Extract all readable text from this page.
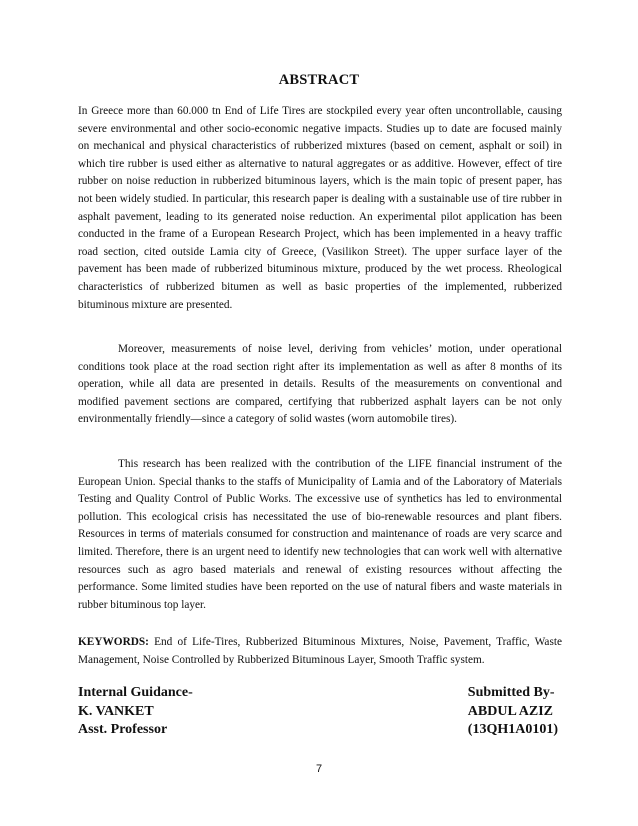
ABSTRACT

In Greece more than 60.000 tn End of Life Tires are stockpiled every year often uncontrollable, causing severe environmental and other socio-economic negative impacts. Studies up to date are focused mainly on mechanical and physical characteristics of rubberized mixtures (based on cement, asphalt or soil) in which tire rubber is used either as alternative to natural aggregates or as additive. However, effect of tire rubber on noise reduction in rubberized bituminous layers, which is the main topic of present paper, has not been widely studied. In particular, this research paper is dealing with a sustainable use of tire rubber in asphalt pavement, leading to its generated noise reduction. An experimental pilot application has been conducted in the frame of a European Research Project, which has been implemented in a heavy traffic road section, cited outside Lamia city of Greece, (Vasilikon Street). The upper surface layer of the pavement has been made of rubberized bituminous mixture, produced by the wet process. Rheological characteristics of rubberized bitumen as well as basic properties of the implemented, rubberized bituminous mixture are presented.

Moreover, measurements of noise level, deriving from vehicles’ motion, under operational conditions took place at the road section right after its implementation as well as after 8 months of its operation, while all data are presented in details. Results of the measurements on conventional and modified pavement sections are compared, certifying that rubberized asphalt layers can be not only environmentally friendly—since a category of solid wastes (worn automobile tires).

This research has been realized with the contribution of the LIFE financial instrument of the European Union. Special thanks to the staffs of Municipality of Lamia and of the Laboratory of Materials Testing and Quality Control of Public Works. The excessive use of synthetics has led to environmental pollution. This ecological crisis has necessitated the use of bio-renewable resources and plant fibers. Resources in terms of materials consumed for construction and maintenance of roads are very scarce and limited. Therefore, there is an urgent need to identify new technologies that can work well with alternative resources such as agro based materials and renewal of existing resources without affecting the performance. Some limited studies have been reported on the use of natural fibers and waste materials in rubber bituminous top layer.

KEYWORDS: End of Life-Tires, Rubberized Bituminous Mixtures, Noise, Pavement, Traffic, Waste Management, Noise Controlled by Rubberized Bituminous Layer, Smooth Traffic system.

Internal Guidance-
K. VANKET
Asst. Professor
Submitted By-
ABDUL AZIZ
(13QH1A0101)
7
